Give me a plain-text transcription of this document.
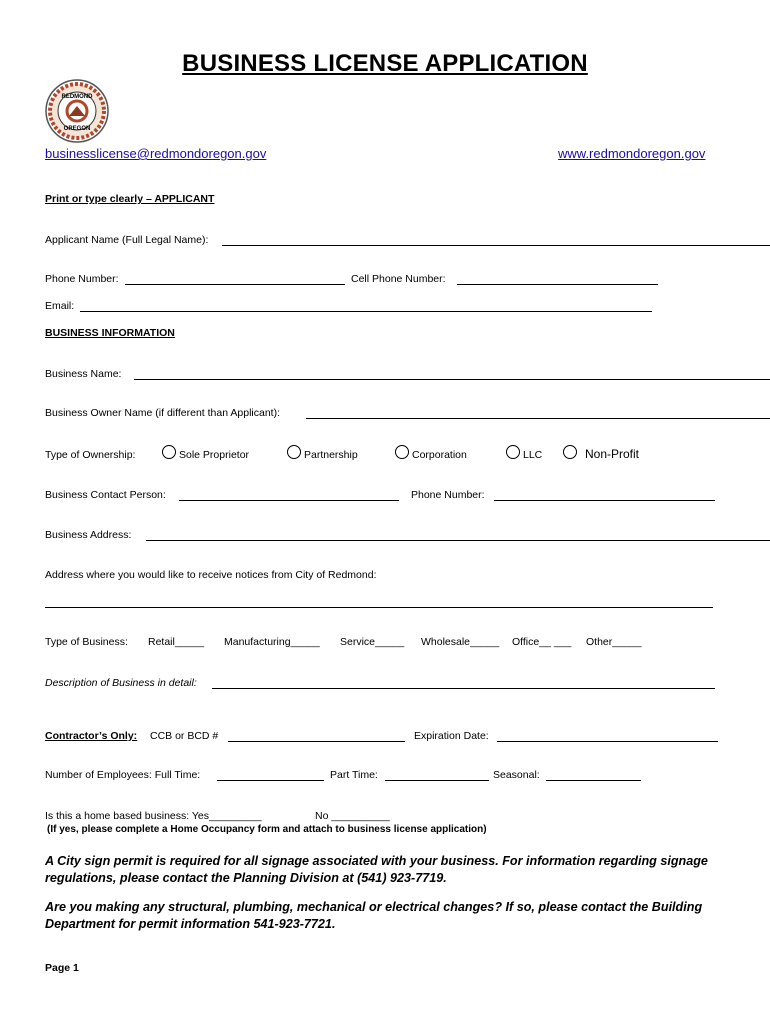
BUSINESS LICENSE APPLICATION
REDMOND
OREGON
businesslicense@redmondoregon.gov	www.redmondoregon.gov
Print or type clearly – APPLICANT
Applicant Name (Full Legal Name):
Phone Number:	Cell Phone Number:
Email:
BUSINESS INFORMATION
Business Name:
Business Owner Name (if different than Applicant):
Type of Ownership:	Sole Proprietor	Partnership	Corporation	LLC	Non-Profit
Business Contact Person:	Phone Number:
Business Address:
Address where you would like to receive notices from City of Redmond:
Type of Business: Retail_____ Manufacturing_____ Service_____ Wholesale_____ Office__ ___ Other_____
Description of Business in detail:
Contractor’s Only: CCB or BCD #	Expiration Date:
Number of Employees: Full Time:	Part Time:	Seasonal:
Is this a home based business: Yes_________	No __________
(If yes, please complete a Home Occupancy form and attach to business license application)
A City sign permit is required for all signage associated with your business. For information regarding signage regulations, please contact the Planning Division at (541) 923-7719.
Are you making any structural, plumbing, mechanical or electrical changes? If so, please contact the Building Department for permit information 541-923-7721.
Page 1
